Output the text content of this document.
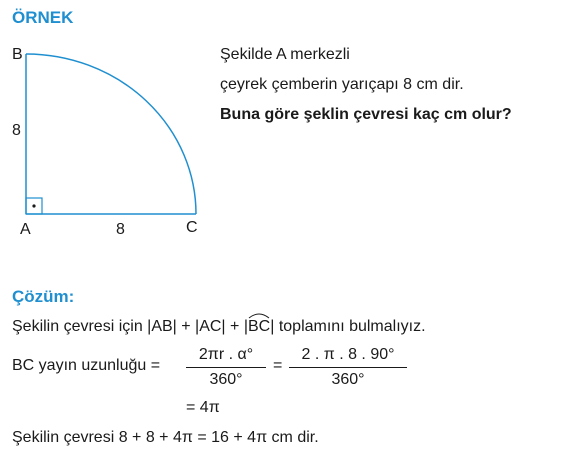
ÖRNEK
B
8
A	8	C
Şekilde A merkezli
çeyrek çemberin yarıçapı 8 cm dir.
Buna göre şeklin çevresi kaç cm olur?
Çözüm:
Şekilin çevresi için |AB| + |AC| + |
BC| toplamını bulmalıyız.
BC yayın uzunluğu =
2πr . α°
360°
=
2 . π . 8 . 90°
360°
= 4π
Şekilin çevresi 8 + 8 + 4π = 16 + 4π cm dir.
